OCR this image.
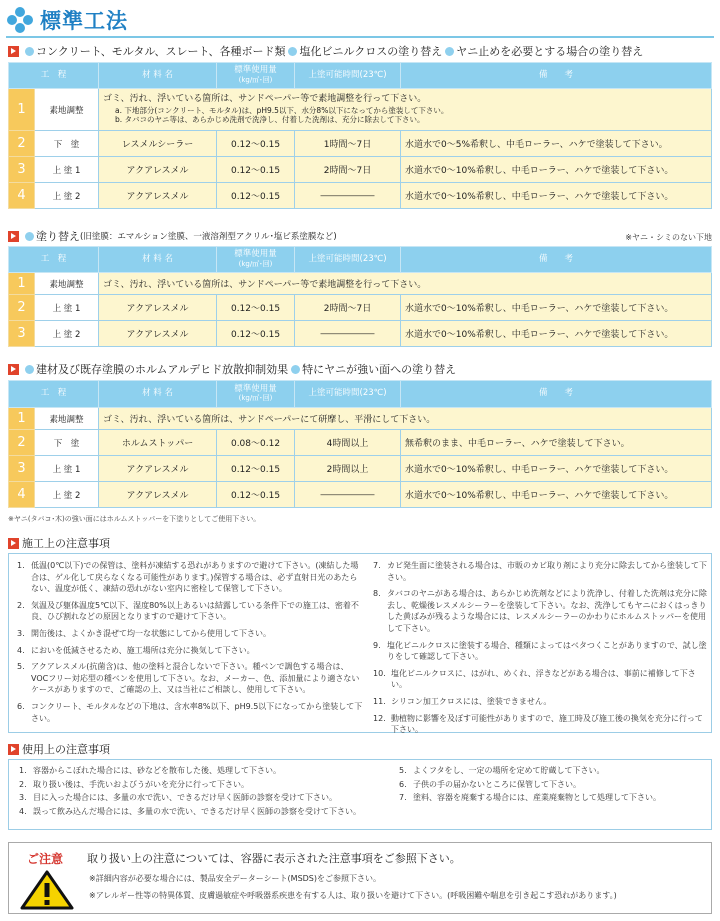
標準工法
コンクリート、モルタル、スレート、各種ボード類 塩化ビニルクロスの塗り替え ヤニ止めを必要とする場合の塗り替え
工　程		材 料 名	標準使用量
(kg/㎡･回)	上塗可能時間(23℃)	備　　考
1	素地調整	ゴミ、汚れ、浮いている箇所は、サンドペーパー等で素地調整を行って下さい。
a. 下地部分(コンクリート、モルタル)は、pH9.5以下、水分8%以下になってから塗装して下さい。
b. タバコのヤニ等は、あらかじめ洗剤で洗浄し、付着した洗剤は、充分に除去して下さい。			

2	下　塗	レスメルシーラー	0.12〜0.15	1時間〜7日	水道水で0〜5%希釈し、中毛ローラー、ハケで塗装して下さい。
3	上 塗 1	アクアレスメル	0.12〜0.15	2時間〜7日	水道水で0〜10%希釈し、中毛ローラー、ハケで塗装して下さい。
4	上 塗 2	アクアレスメル	0.12〜0.15	――――――	水道水で0〜10%希釈し、中毛ローラー、ハケで塗装して下さい。
塗り替え (旧塗膜：エマルション塗膜、一液溶剤型アクリル･塩ビ系塗膜など)	※ヤニ・シミのない下地
工　程		材 料 名	標準使用量
(kg/㎡･回)	上塗可能時間(23℃)	備　　考
1	素地調整	ゴミ、汚れ、浮いている箇所は、サンドペーパー等で素地調整を行って下さい。			
2	上 塗 1	アクアレスメル	0.12〜0.15	2時間〜7日	水道水で0〜10%希釈し、中毛ローラー、ハケで塗装して下さい。
3	上 塗 2	アクアレスメル	0.12〜0.15	――――――	水道水で0〜10%希釈し、中毛ローラー、ハケで塗装して下さい。
建材及び既存塗膜のホルムアルデヒド放散抑制効果 特にヤニが強い面への塗り替え
工　程		材 料 名	標準使用量
(kg/㎡･回)	上塗可能時間(23℃)	備　　考
1	素地調整	ゴミ、汚れ、浮いている箇所は、サンドペーパーにて研摩し、平滑にして下さい。			
2	下　塗	ホルムストッパー	0.08〜0.12	4時間以上	無希釈のまま、中毛ローラー、ハケで塗装して下さい。
3	上 塗 1	アクアレスメル	0.12〜0.15	2時間以上	水道水で0〜10%希釈し、中毛ローラー、ハケで塗装して下さい。
4	上 塗 2	アクアレスメル	0.12〜0.15	――――――	水道水で0〜10%希釈し、中毛ローラー、ハケで塗装して下さい。
※ヤニ(タバコ･木)の強い面にはホルムストッパーを下塗りとしてご使用下さい。
施工上の注意事項
1. 低温(0℃以下)での保管は、塗料が凍結する恐れがありますので避けて下さい。(凍結した場合は、ゲル化して戻らなくなる可能性があります。)保管する場合は、必ず直射日光のあたらない、温度が低く、凍結の恐れがない室内に密栓して保管して下さい。
2. 気温及び躯体温度5℃以下、湿度80%以上あるいは結露している条件下での施工は、密着不良、ひび割れなどの原因となりますので避けて下さい。
3. 開缶後は、よくかき混ぜて均一な状態にしてから使用して下さい。
4. においを低減させるため、施工場所は充分に換気して下さい。
5. アクアレスメル(抗菌含)は、他の塗料と混合しないで下さい。種ベンで調色する場合は、VOCフリー対応型の種ベンを使用して下さい。なお、メーカー、色、添加量により適さないケースがありますので、ご確認の上、又は当社にご相談し、使用して下さい。
6. コンクリート、モルタルなどの下地は、含水率8%以下、pH9.5以下になってから塗装して下さい。
7. カビ発生面に塗装される場合は、市販のカビ取り剤により充分に除去してから塗装して下さい。
8. タバコのヤニがある場合は、あらかじめ洗剤などにより洗浄し、付着した洗剤は充分に除去し、乾燥後レスメルシーラーを塗装して下さい。なお、洗浄してもヤニにおくはっきりした黄ばみが残るような場合には、レスメルシーラーのかわりにホルムストッパーを使用して下さい。
9. 塩化ビニルクロスに塗装する場合、種類によってはベタつくことがありますので、試し塗りをして確認して下さい。
10. 塩化ビニルクロスに、はがれ、めくれ、浮きなどがある場合は、事前に補修して下さい。
11. シリコン加工クロスには、塗装できません。
12. 動植物に影響を及ぼす可能性がありますので、施工時及び施工後の換気を充分に行って下さい。
使用上の注意事項
1. 容器からこぼれた場合には、砂などを散布した後、処理して下さい。
2. 取り扱い後は、手洗いおよびうがいを充分に行って下さい。
3. 目に入った場合には、多量の水で洗い、できるだけ早く医師の診察を受けて下さい。
4. 誤って飲み込んだ場合には、多量の水で洗い、できるだけ早く医師の診察を受けて下さい。
5. よくフタをし、一定の場所を定めて貯蔵して下さい。
6. 子供の手の届かないところに保管して下さい。
7. 塗料、容器を廃棄する場合には、産業廃棄物として処理して下さい。
ご注意 取り扱い上の注意については、容器に表示された注意事項をご参照下さい。
※詳細内容が必要な場合には、製品安全データーシート(MSDS)をご参照下さい。
※アレルギー性等の特異体質、皮膚過敏症や呼吸器系疾患を有する人は、取り扱いを避けて下さい。(呼吸困難や喘息を引き起こす恐れがあります。)
